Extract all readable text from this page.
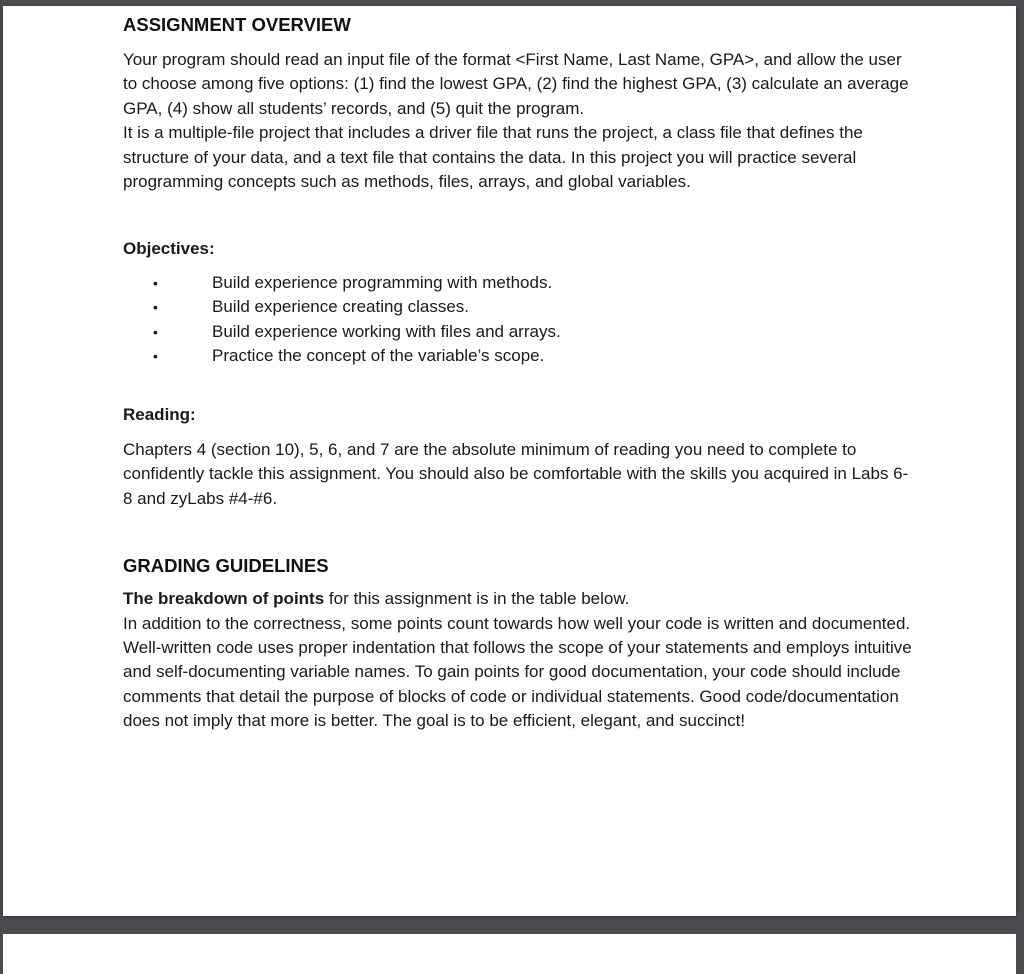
ASSIGNMENT OVERVIEW

Your program should read an input file of the format <First Name, Last Name, GPA>, and allow the user to choose among five options: (1) find the lowest GPA, (2) find the highest GPA, (3) calculate an average GPA, (4) show all students’ records, and (5) quit the program.

It is a multiple-file project that includes a driver file that runs the project, a class file that defines the structure of your data, and a text file that contains the data. In this project you will practice several programming concepts such as methods, files, arrays, and global variables.

Objectives:

•	Build experience programming with methods.
•	Build experience creating classes.
•	Build experience working with files and arrays.
•	Practice the concept of the variable’s scope.

Reading:

Chapters 4 (section 10), 5, 6, and 7 are the absolute minimum of reading you need to complete to confidently tackle this assignment. You should also be comfortable with the skills you acquired in Labs 6-8 and zyLabs #4-#6.

GRADING GUIDELINES

The breakdown of points for this assignment is in the table below.

In addition to the correctness, some points count towards how well your code is written and documented. Well-written code uses proper indentation that follows the scope of your statements and employs intuitive and self-documenting variable names. To gain points for good documentation, your code should include comments that detail the purpose of blocks of code or individual statements. Good code/documentation does not imply that more is better. The goal is to be efficient, elegant, and succinct!
